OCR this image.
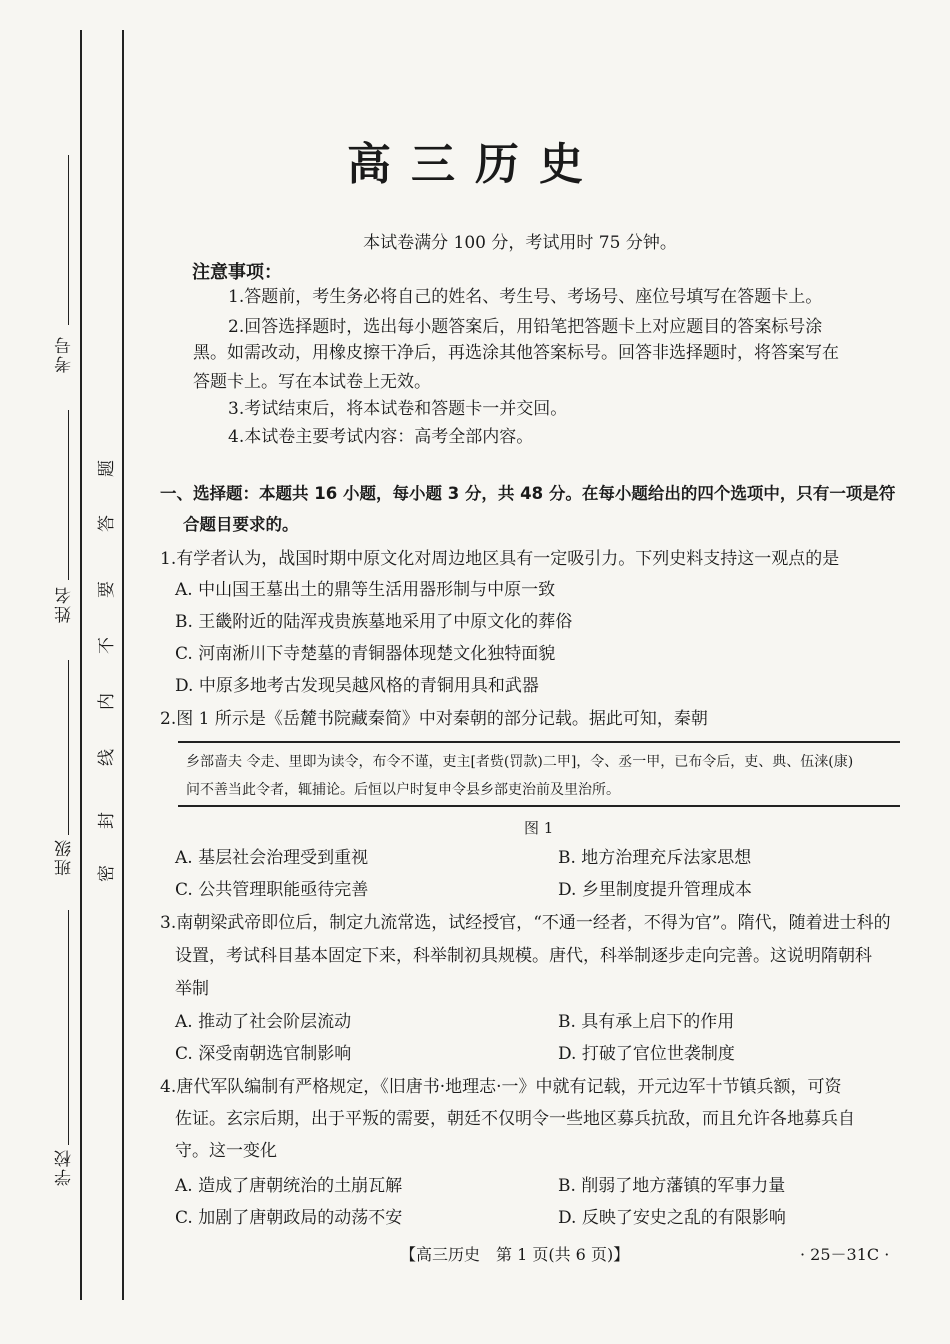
考号
姓名
班级
学校
题
答
要
不
内
线
封
密
高三历史
本试卷满分 100 分，考试用时 75 分钟。
注意事项：
1.答题前，考生务必将自己的姓名、考生号、考场号、座位号填写在答题卡上。
2.回答选择题时，选出每小题答案后，用铅笔把答题卡上对应题目的答案标号涂
黑。如需改动，用橡皮擦干净后，再选涂其他答案标号。回答非选择题时，将答案写在
答题卡上。写在本试卷上无效。
3.考试结束后，将本试卷和答题卡一并交回。
4.本试卷主要考试内容：高考全部内容。
一、选择题：本题共 16 小题，每小题 3 分，共 48 分。在每小题给出的四个选项中，只有一项是符
合题目要求的。
1.有学者认为，战国时期中原文化对周边地区具有一定吸引力。下列史料支持这一观点的是
A. 中山国王墓出土的鼎等生活用器形制与中原一致
B. 王畿附近的陆浑戎贵族墓地采用了中原文化的葬俗
C. 河南淅川下寺楚墓的青铜器体现楚文化独特面貌
D. 中原多地考古发现吴越风格的青铜用具和武器
2.图 1 所示是《岳麓书院藏秦简》中对秦朝的部分记载。据此可知，秦朝
乡部啬夫 令走、里即为读令，布令不谨，吏主[者赀(罚款)二甲]，令、丞一甲，已布令后，吏、典、伍涞(康)
问不善当此令者，辄捕论。后恒以户时复申令县乡部吏治前及里治所。
图 1
A. 基层社会治理受到重视	B. 地方治理充斥法家思想
C. 公共管理职能亟待完善	D. 乡里制度提升管理成本
3.南朝梁武帝即位后，制定九流常选，试经授官，“不通一经者，不得为官”。隋代，随着进士科的
设置，考试科目基本固定下来，科举制初具规模。唐代，科举制逐步走向完善。这说明隋朝科
举制
A. 推动了社会阶层流动	B. 具有承上启下的作用
C. 深受南朝选官制影响	D. 打破了官位世袭制度
4.唐代军队编制有严格规定，《旧唐书·地理志·一》中就有记载，开元边军十节镇兵额，可资
佐证。玄宗后期，出于平叛的需要，朝廷不仅明令一些地区募兵抗敌，而且允许各地募兵自
守。这一变化
A. 造成了唐朝统治的土崩瓦解	B. 削弱了地方藩镇的军事力量
C. 加剧了唐朝政局的动荡不安	D. 反映了安史之乱的有限影响
【高三历史　第 1 页(共 6 页)】	· 25－31C ·
